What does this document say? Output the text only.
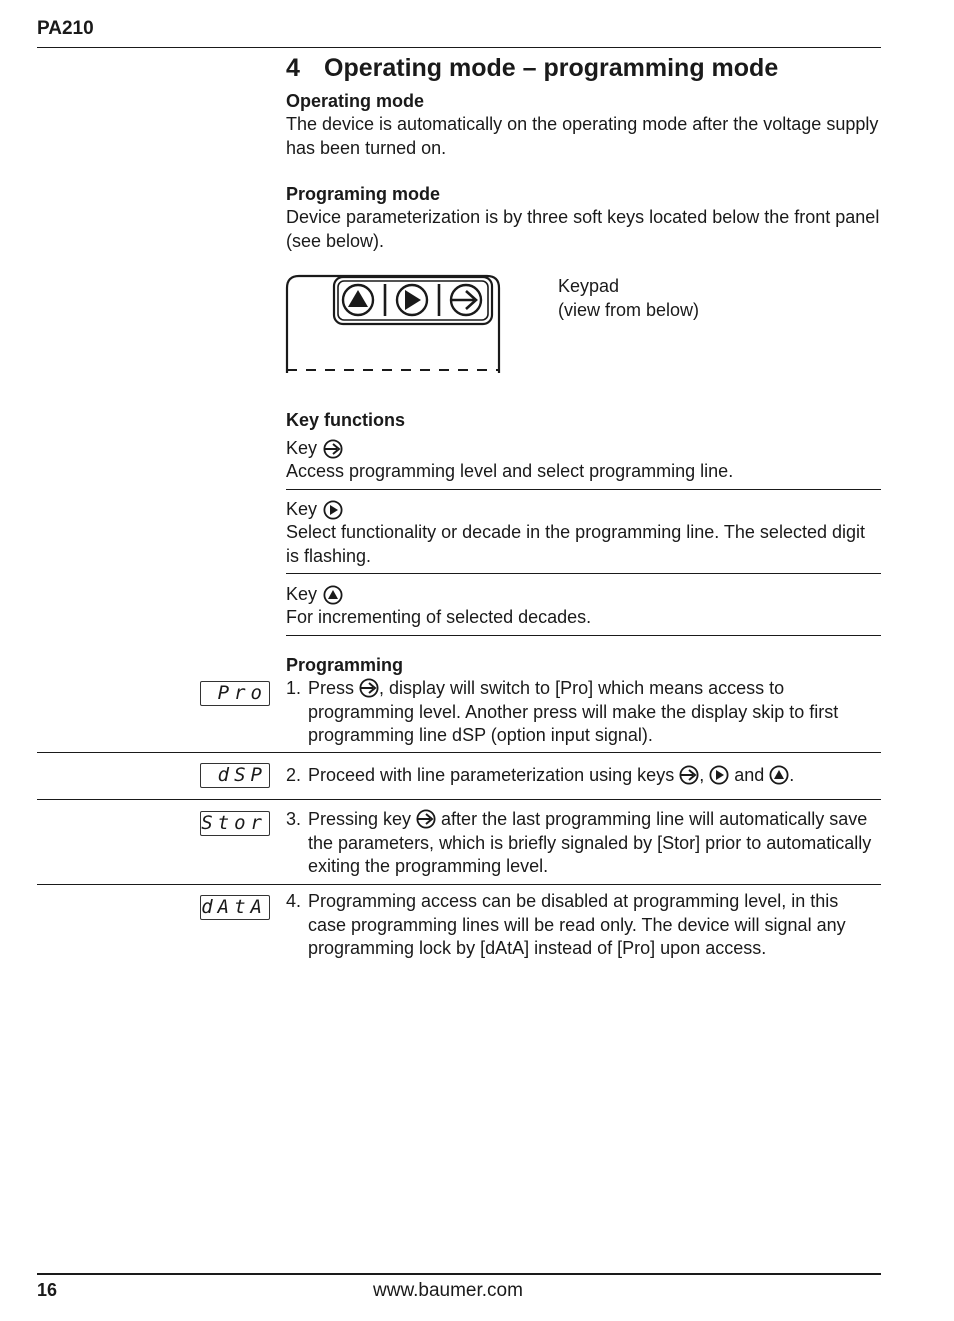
PA210
4 Operating mode – programming mode
Operating mode
The device is automatically on the operating mode after the voltage supply has been turned on.
Programing mode
Device parameterization is by three soft keys located below the front panel (see below).
Keypad
(view from below)
Key functions
Key
Access programming level and select programming line.
Key
Select functionality or decade in the programming line. The selected digit is flashing.
Key
For incrementing of selected decades.
Programming
Pro 1. Press
, display will switch to [Pro] which means access to programming level. Another press will make the display skip to first programming line dSP (option input signal).
dSP 2. Proceed with line parameterization using keys
,
and
.
Stor 3. Pressing key
after the last programming line will automatically save the parameters, which is briefly signaled by [Stor] prior to automatically exiting the programming level.
dAtA 4. Programming access can be disabled at programming level, in this case programming lines will be read only. The device will signal any programming lock by [dAtA] instead of [Pro] upon access.
16	www.baumer.com
